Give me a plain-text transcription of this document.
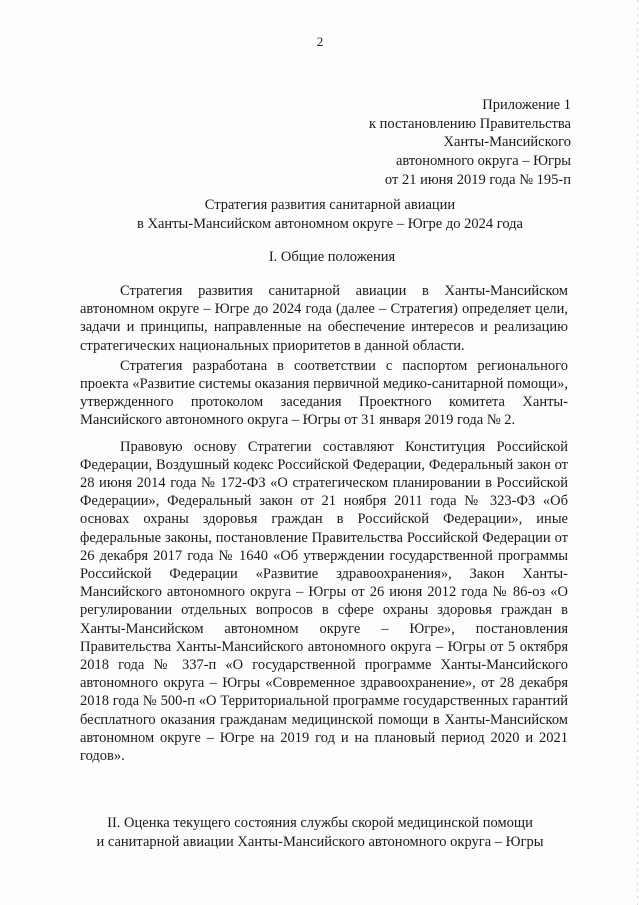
2
Приложение 1
к постановлению Правительства
Ханты-Мансийского
автономного округа – Югры
от 21 июня 2019 года № 195-п
Стратегия развития санитарной авиации
в Ханты-Мансийском автономном округе – Югре до 2024 года
I. Общие положения

Стратегия развития санитарной авиации в Ханты-Мансийском автономном округе – Югре до 2024 года (далее – Стратегия) определяет цели, задачи и принципы, направленные на обеспечение интересов и реализацию стратегических национальных приоритетов в данной области.

Стратегия разработана в соответствии с паспортом регионального проекта «Развитие системы оказания первичной медико-санитарной помощи», утвержденного протоколом заседания Проектного комитета Ханты-Мансийского автономного округа – Югры от 31 января 2019 года № 2.

Правовую основу Стратегии составляют Конституция Российской Федерации, Воздушный кодекс Российской Федерации, Федеральный закон от 28 июня 2014 года № 172-ФЗ «О стратегическом планировании в Российской Федерации», Федеральный закон от 21 ноября 2011 года № 323-ФЗ «Об основах охраны здоровья граждан в Российской Федерации», иные федеральные законы, постановление Правительства Российской Федерации от 26 декабря 2017 года № 1640 «Об утверждении государственной программы Российской Федерации «Развитие здравоохранения», Закон Ханты-Мансийского автономного округа – Югры от 26 июня 2012 года № 86-оз «О регулировании отдельных вопросов в сфере охраны здоровья граждан в Ханты-Мансийском автономном округе – Югре», постановления Правительства Ханты-Мансийского автономного округа – Югры от 5 октября 2018 года № 337-п «О государственной программе Ханты-Мансийского автономного округа – Югры «Современное здравоохранение», от 28 декабря 2018 года № 500-п «О Территориальной программе государственных гарантий бесплатного оказания гражданам медицинской помощи в Ханты-Мансийском автономном округе – Югре на 2019 год и на плановый период 2020 и 2021 годов».

II. Оценка текущего состояния службы скорой медицинской помощи
и санитарной авиации Ханты-Мансийского автономного округа – Югры
